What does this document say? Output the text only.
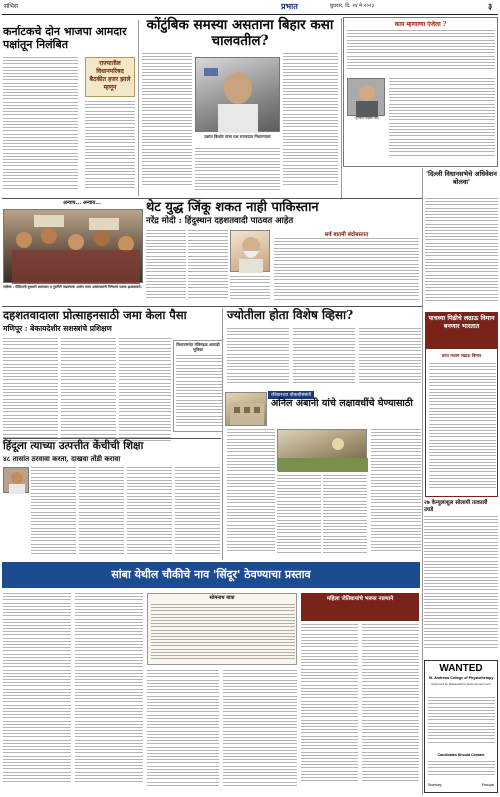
संभिस	प्रभात	बुधवार, दि. २४ मे २०२३	३
कर्नाटकचे दोन भाजपा आमदार पक्षांतून निलंबित
राज्यातील विधानपरिषद बैठकीत हजर झाले म्हणून
कोंटुंबिक समस्या असताना बिहार कसा चालवतील?
प्रशांत किशोर यांचा प्रश्न राज्यपाल निशाण्यावर
काय म्हणाल्या एंजेला ?
मुरलीधर मोहोळ लक्ष्य
'दिल्ली विधानसभेचे अधिवेशन बोलवा'
अन्याय... अन्याय...
नाशिक : मीडियानी बुधवारी बलात्कार व गुंडगिरी वाढल्याचा आरोप करत आंदोलकांनी निषेधाचे फलक झळकावले.
थेट युद्ध जिंकू शकत नाही पाकिस्तान
नरेंद्र मोदी : हिंदुस्थान दहशतवादी पाठवत आहेत
सर्व बातमी बंदोबस्तात
दहशतवादाला प्रोत्साहनसाठी जमा केला पैसा
मणिपूर : बेकायदेशीर सशस्त्रांचे प्रशिक्षण
विधानसभेत मंत्रिमंडळ आघाडी भूमिका
ज्योतीला होता विशेष व्हिसा?	पाचव्या पिढीचे लढाऊ विमान बनणार भारतात
प्रगत मध्यम लढाऊ विमान
रविवारच्या चौकशीसंबंधी
अनिल अंबानी यांचे लक्षावधींचे घेण्यासाठी
हिंदूला त्याच्या उत्पत्तीत केंचीची शिक्षा
४८ तासांत ठरवावा करता, दाखवा तोंडी करावा
सांबा येथील चौकीचे नाव 'सिंदूर' ठेवण्याचा प्रस्ताव
सोमनाथ यात्रा	महिला जेतिबायांचे भरूस नाल्याने
२७ केन्युलाशुल सोलायी तत्काली उघडे
WANTED
St. Andrews College of Physiotherapy
Approved by Maharashtra State Government
Candidates Should Contact
Secretary	Principal
